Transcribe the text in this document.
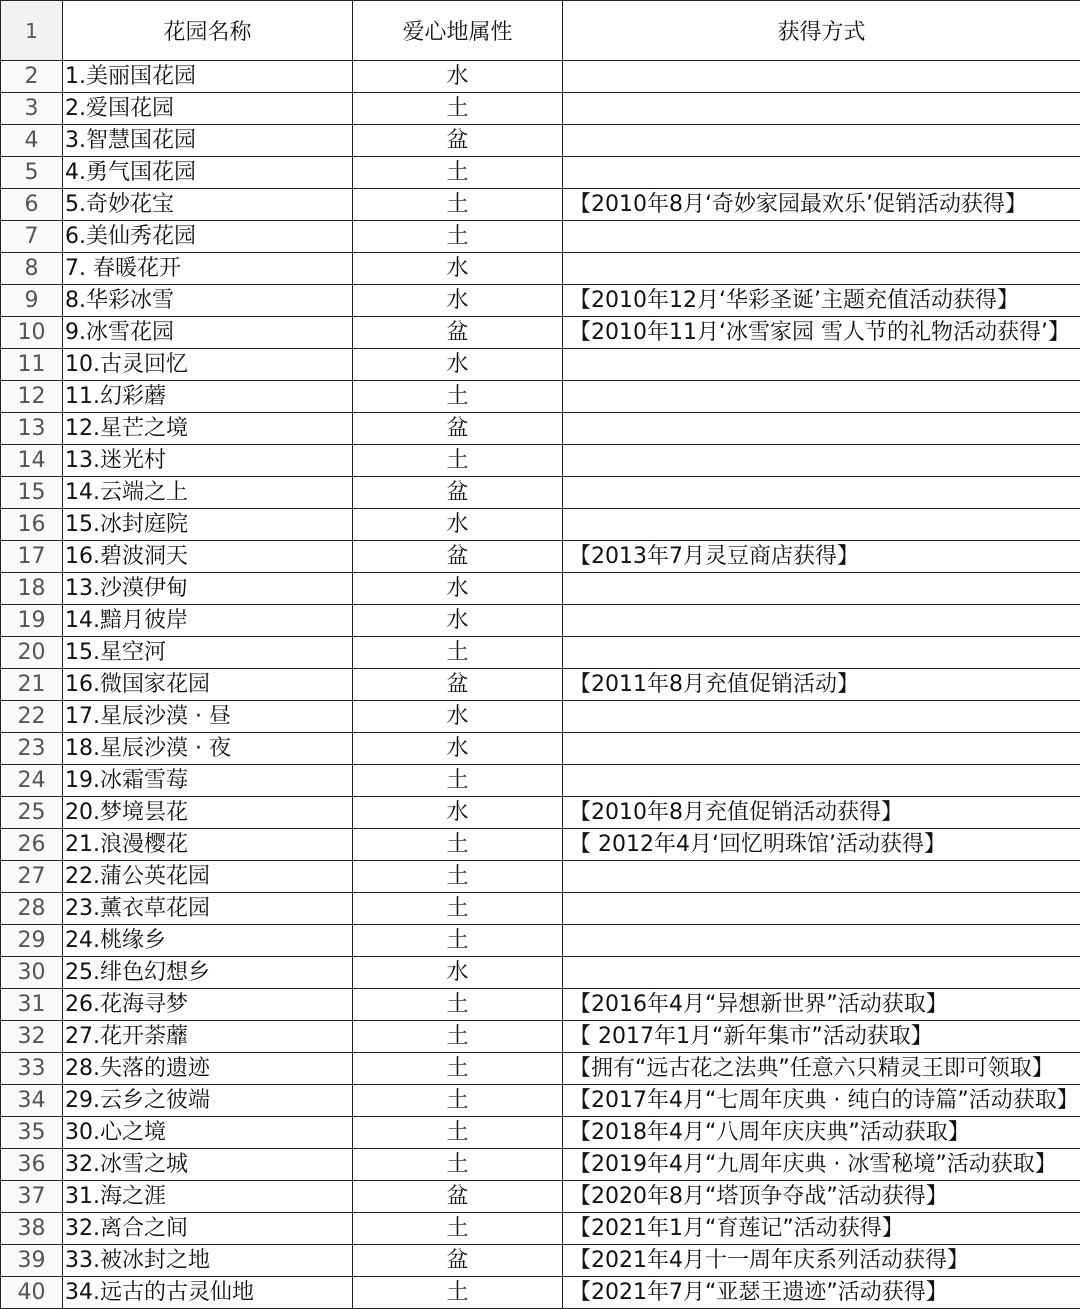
1	花园名称	爱心地属性	获得方式
2	1.美丽国花园	水	
3	2.爱国花园	土	
4	3.智慧国花园	盆	
5	4.勇气国花园	土	
6	5.奇妙花宝	土	【2010年8月‘奇妙家园最欢乐’促销活动获得】
7	6.美仙秀花园	土	
8	7. 春暖花开	水	
9	8.华彩冰雪	水	【2010年12月‘华彩圣诞’主题充值活动获得】
10	9.冰雪花园	盆	【2010年11月‘冰雪家园 雪人节的礼物活动获得’】
11	10.古灵回忆	水	
12	11.幻彩蘑	土	
13	12.星芒之境	盆	
14	13.迷光村	土	
15	14.云端之上	盆	
16	15.冰封庭院	水	
17	16.碧波洞天	盆	【2013年7月灵豆商店获得】
18	13.沙漠伊甸	水	
19	14.黯月彼岸	水	
20	15.星空河	土	
21	16.微国家花园	盆	【2011年8月充值促销活动】
22	17.星辰沙漠 · 昼	水	
23	18.星辰沙漠 · 夜	水	
24	19.冰霜雪莓	土	
25	20.梦境昙花	水	【2010年8月充值促销活动获得】
26	21.浪漫樱花	土	【 2012年4月‘回忆明珠馆’活动获得】
27	22.蒲公英花园	土	
28	23.薰衣草花园	土	
29	24.桃缘乡	土	
30	25.绯色幻想乡	水	
31	26.花海寻梦	土	【2016年4月“异想新世界”活动获取】
32	27.花开荼蘼	土	【 2017年1月“新年集市”活动获取】
33	28.失落的遗迹	土	【拥有“远古花之法典”任意六只精灵王即可领取】
34	29.云乡之彼端	土	【2017年4月“七周年庆典 · 纯白的诗篇”活动获取】
35	30.心之境	土	【2018年4月“八周年庆庆典”活动获取】
36	32.冰雪之城	土	【2019年4月“九周年庆典 · 冰雪秘境”活动获取】
37	31.海之涯	盆	【2020年8月“塔顶争夺战”活动获得】
38	32.离合之间	土	【2021年1月“育莲记”活动获得】
39	33.被冰封之地	盆	【2021年4月十一周年庆系列活动获得】
40	34.远古的古灵仙地	土	【2021年7月“亚瑟王遗迹”活动获得】
